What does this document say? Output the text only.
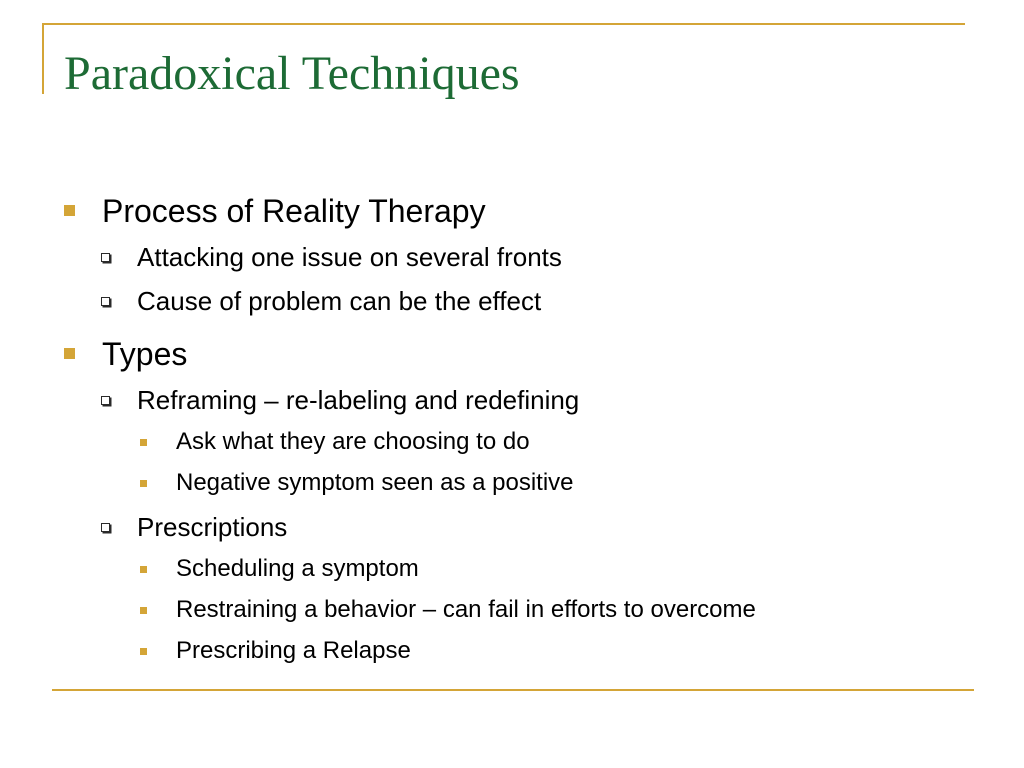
Paradoxical Techniques
Process of Reality Therapy
Attacking one issue on several fronts
Cause of problem can be the effect
Types
Reframing – re-labeling and redefining
Ask what they are choosing to do
Negative symptom seen as a positive
Prescriptions
Scheduling a symptom
Restraining a behavior – can fail in efforts to overcome
Prescribing a Relapse
